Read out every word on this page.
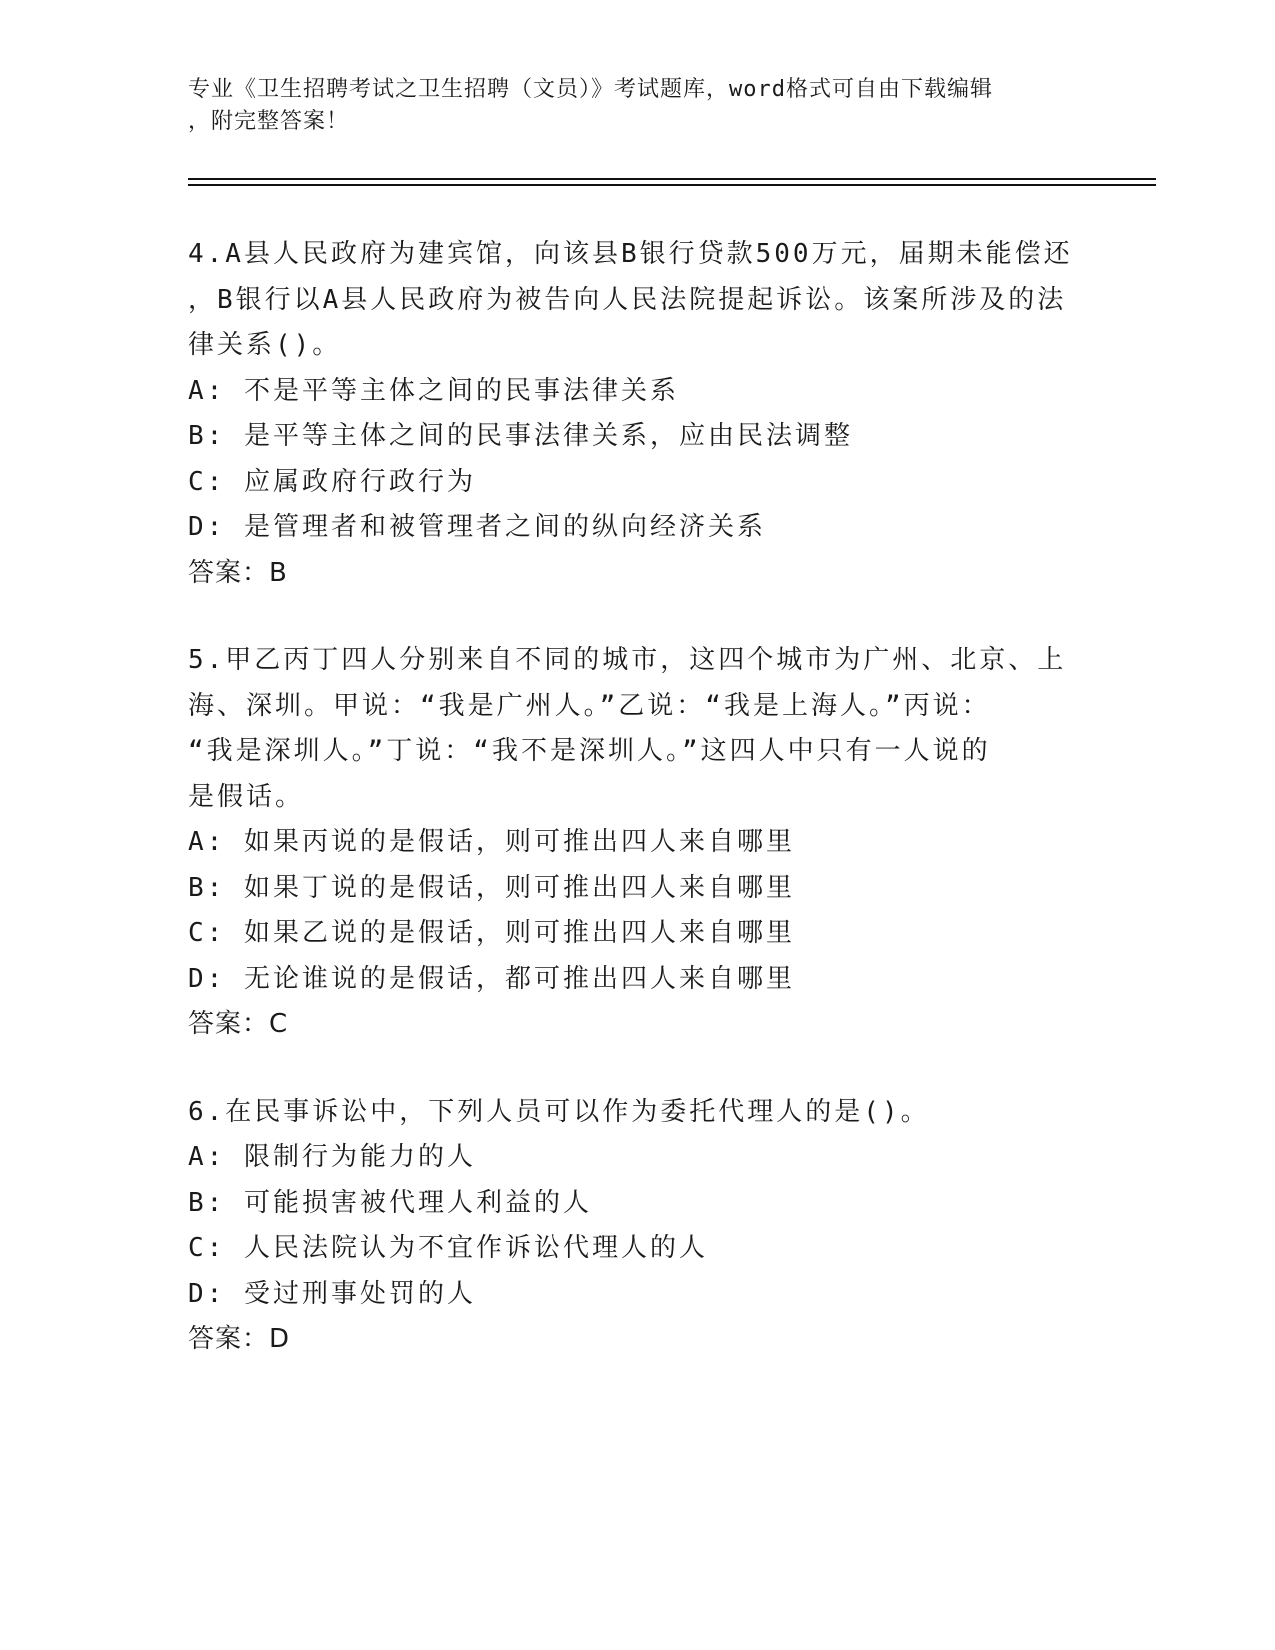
专业《卫生招聘考试之卫生招聘（文员）》考试题库，word格式可自由下载编辑
，附完整答案！
4.A县人民政府为建宾馆，向该县B银行贷款500万元，届期未能偿还
，B银行以A县人民政府为被告向人民法院提起诉讼。该案所涉及的法
律关系()。
A: 不是平等主体之间的民事法律关系
B: 是平等主体之间的民事法律关系，应由民法调整
C: 应属政府行政行为
D: 是管理者和被管理者之间的纵向经济关系
答案：B
5.甲乙丙丁四人分别来自不同的城市，这四个城市为广州、北京、上
海、深圳。甲说：“我是广州人。”乙说：“我是上海人。”丙说：
“我是深圳人。”丁说：“我不是深圳人。”这四人中只有一人说的
是假话。
A: 如果丙说的是假话，则可推出四人来自哪里
B: 如果丁说的是假话，则可推出四人来自哪里
C: 如果乙说的是假话，则可推出四人来自哪里
D: 无论谁说的是假话，都可推出四人来自哪里
答案：C
6.在民事诉讼中，下列人员可以作为委托代理人的是()。
A: 限制行为能力的人
B: 可能损害被代理人利益的人
C: 人民法院认为不宜作诉讼代理人的人
D: 受过刑事处罚的人
答案：D
